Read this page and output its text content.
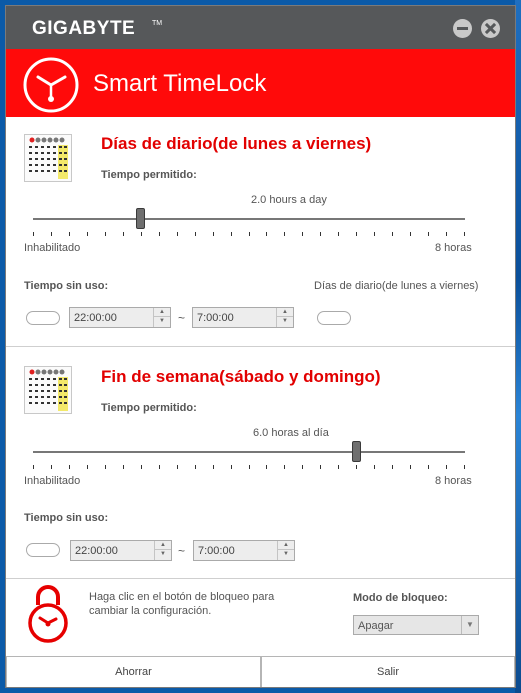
GIGABYTE TM
Smart TimeLock
Días de diario(de lunes a viernes)
Tiempo permitido:
2.0 hours a day
Inhabilitado	8 horas
Tiempo sin uso:	Días de diario(de lunes a viernes)
22:00:00	▲
▼	~ 7:00:00	▲
▼
Fin de semana(sábado y domingo)
Tiempo permitido:
6.0 horas al día
Inhabilitado	8 horas
Tiempo sin uso:
22:00:00	▲
▼	~ 7:00:00	▲
▼
Haga clic en el botón de bloqueo para
cambiar la configuración.
Modo de bloqueo:
Apagar	▼
Ahorrar	Salir
